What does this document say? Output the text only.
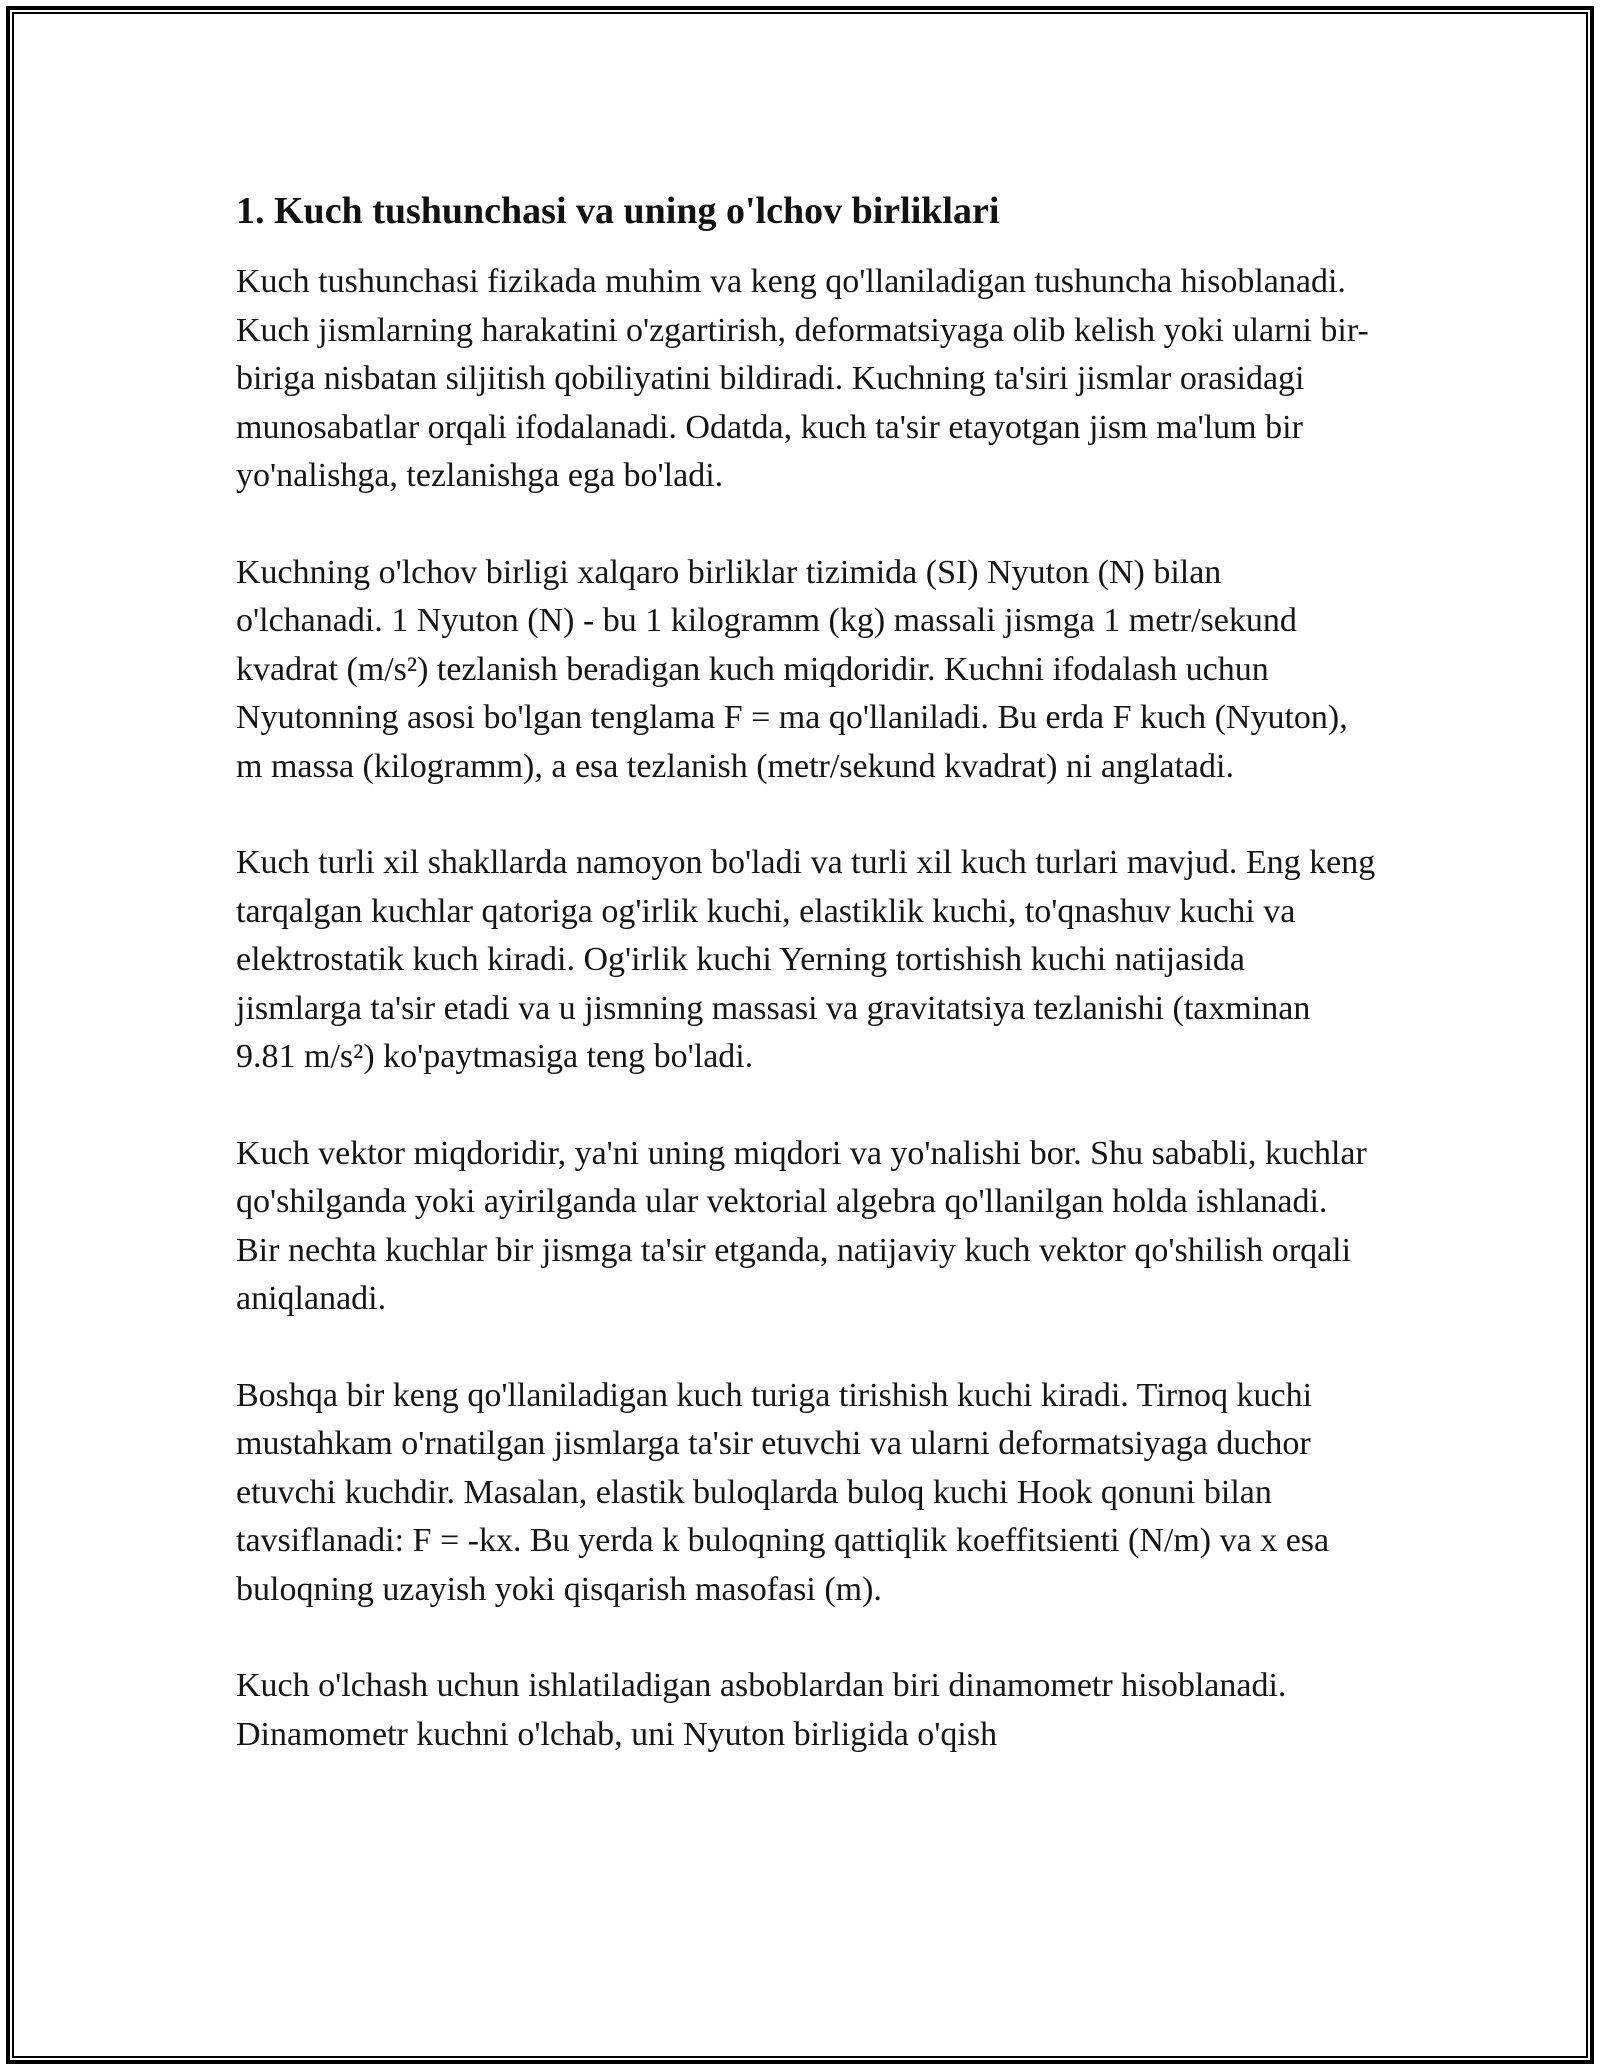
1. Kuch tushunchasi va uning o'lchov birliklari

Kuch tushunchasi fizikada muhim va keng qo'llaniladigan tushuncha hisoblanadi. Kuch jismlarning harakatini o'zgartirish, deformatsiyaga olib kelish yoki ularni bir-biriga nisbatan siljitish qobiliyatini bildiradi. Kuchning ta'siri jismlar orasidagi munosabatlar orqali ifodalanadi. Odatda, kuch ta'sir etayotgan jism ma'lum bir yo'nalishga, tezlanishga ega bo'ladi.

Kuchning o'lchov birligi xalqaro birliklar tizimida (SI) Nyuton (N) bilan o'lchanadi. 1 Nyuton (N) - bu 1 kilogramm (kg) massali jismga 1 metr/sekund kvadrat (m/s²) tezlanish beradigan kuch miqdoridir. Kuchni ifodalash uchun Nyutonning asosi bo'lgan tenglama F = ma qo'llaniladi. Bu erda F kuch (Nyuton), m massa (kilogramm), a esa tezlanish (metr/sekund kvadrat) ni anglatadi.

Kuch turli xil shakllarda namoyon bo'ladi va turli xil kuch turlari mavjud. Eng keng tarqalgan kuchlar qatoriga og'irlik kuchi, elastiklik kuchi, to'qnashuv kuchi va elektrostatik kuch kiradi. Og'irlik kuchi Yerning tortishish kuchi natijasida jismlarga ta'sir etadi va u jismning massasi va gravitatsiya tezlanishi (taxminan 9.81 m/s²) ko'paytmasiga teng bo'ladi.

Kuch vektor miqdoridir, ya'ni uning miqdori va yo'nalishi bor. Shu sababli, kuchlar qo'shilganda yoki ayirilganda ular vektorial algebra qo'llanilgan holda ishlanadi. Bir nechta kuchlar bir jismga ta'sir etganda, natijaviy kuch vektor qo'shilish orqali aniqlanadi.

Boshqa bir keng qo'llaniladigan kuch turiga tirishish kuchi kiradi. Tirnoq kuchi mustahkam o'rnatilgan jismlarga ta'sir etuvchi va ularni deformatsiyaga duchor etuvchi kuchdir. Masalan, elastik buloqlarda buloq kuchi Hook qonuni bilan tavsiflanadi: F = -kx. Bu yerda k buloqning qattiqlik koeffitsienti (N/m) va x esa buloqning uzayish yoki qisqarish masofasi (m).

Kuch o'lchash uchun ishlatiladigan asboblardan biri dinamometr hisoblanadi. Dinamometr kuchni o'lchab, uni Nyuton birligida o'qish
